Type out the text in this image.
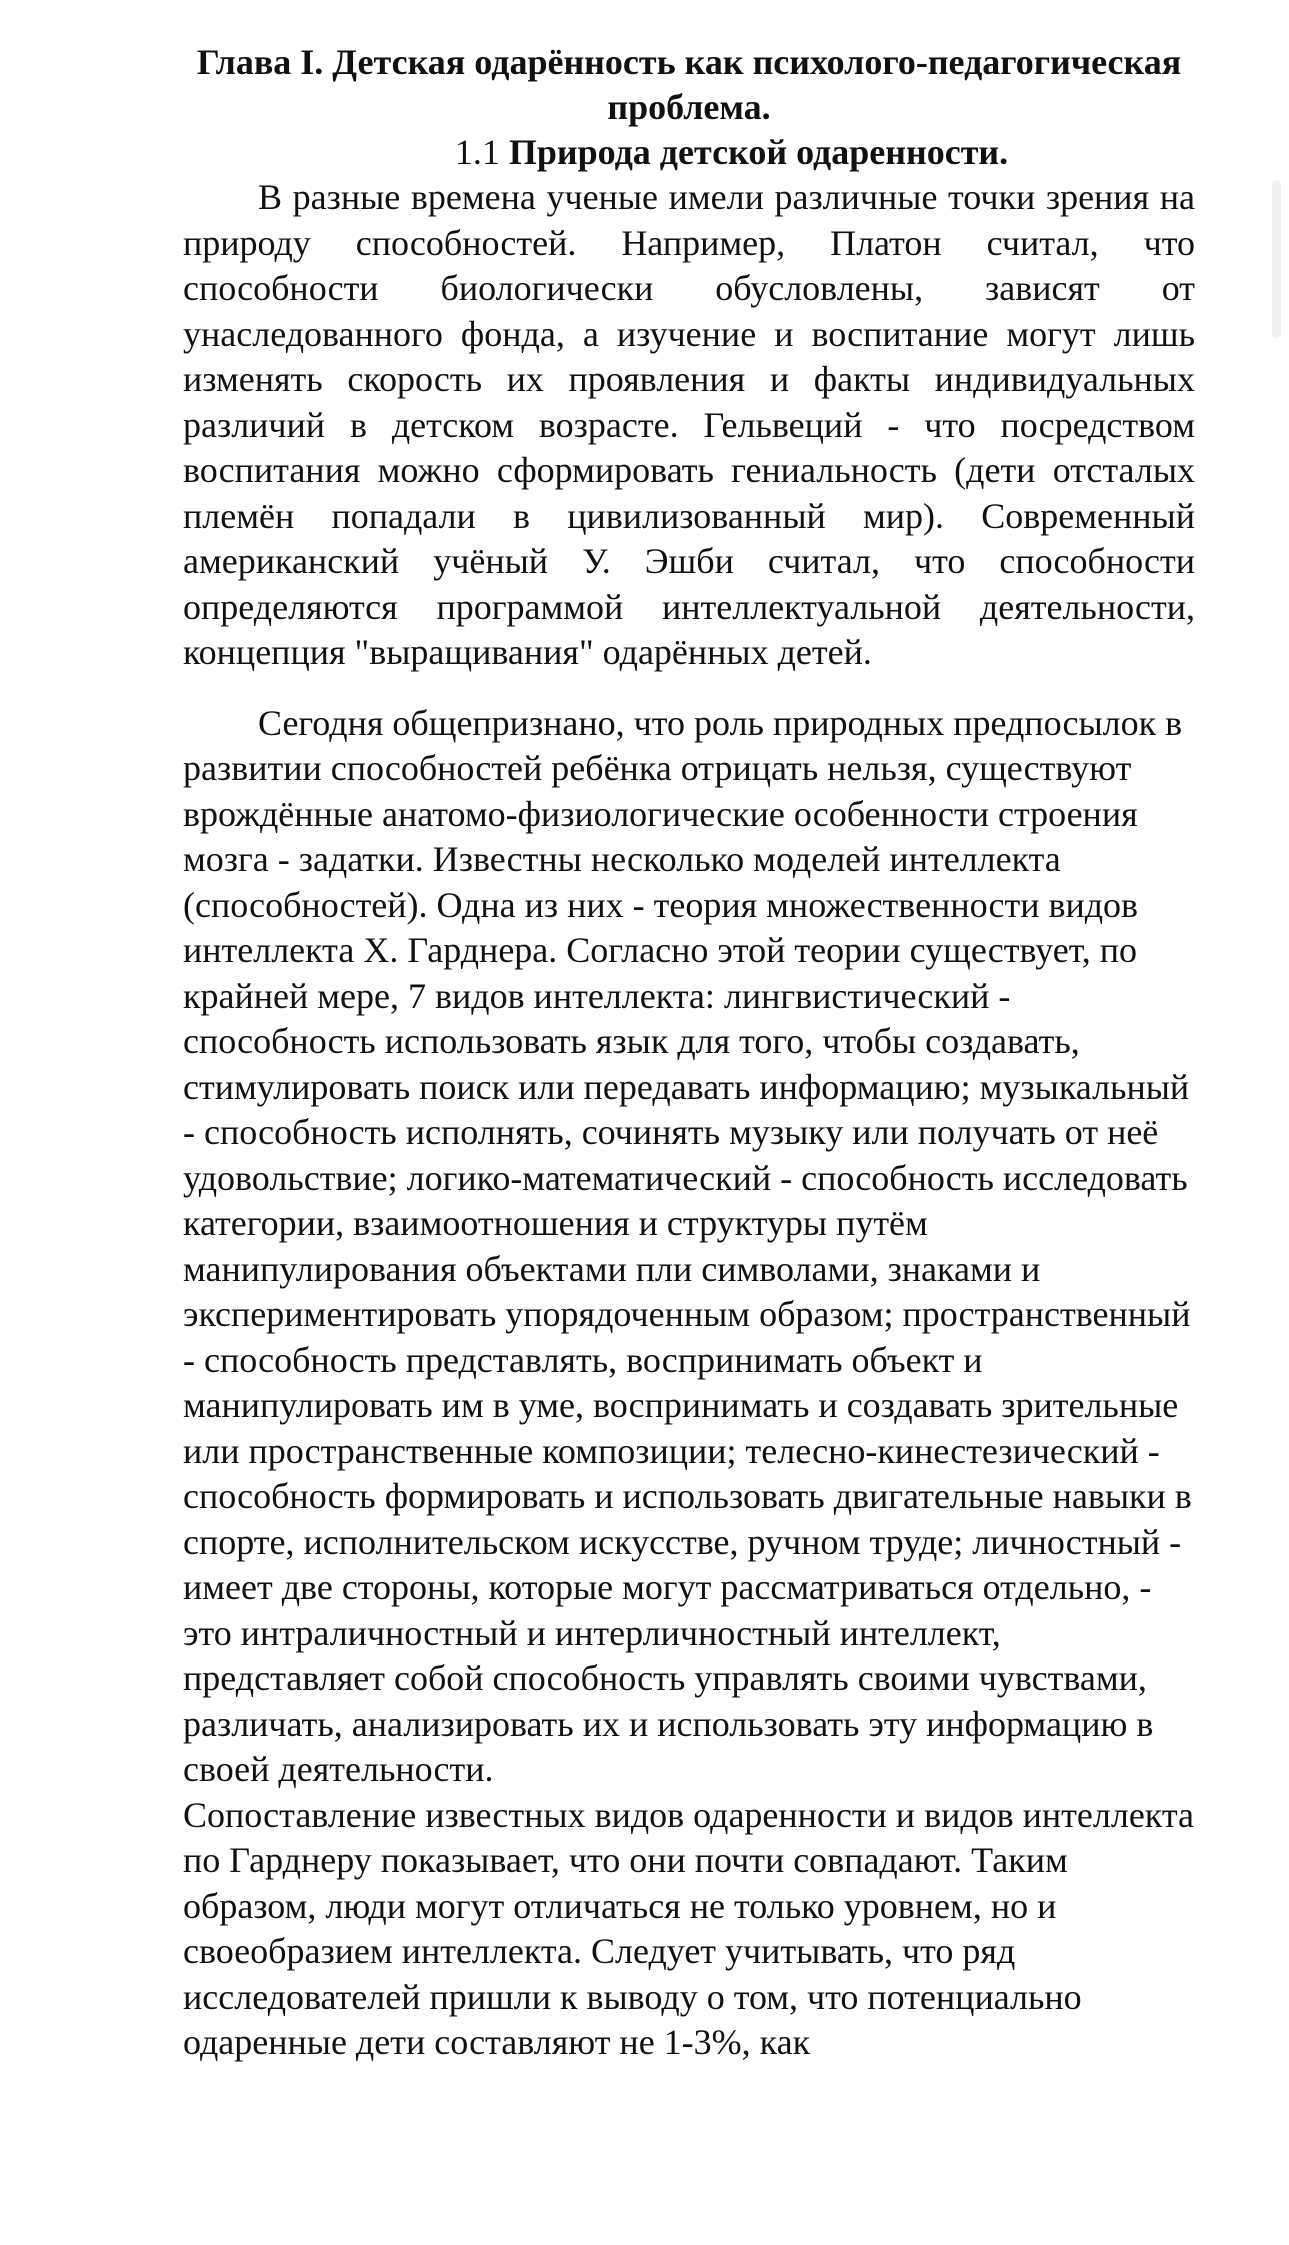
Глава I. Детская одарённость как психолого-педагогическая проблема.
1.1 Природа детской одаренности.

В разные времена ученые имели различные точки зрения на природу способностей. Например, Платон считал, что способности биологически обусловлены, зависят от унаследованного фонда, а изучение и воспитание могут лишь изменять скорость их проявления и факты индивидуальных различий в детском возрасте. Гельвеций - что посредством воспитания можно сформировать гениальность (дети отсталых племён попадали в цивилизованный мир). Современный американский учёный У. Эшби считал, что способности определяются программой интеллектуальной деятельности, концепция "выращивания" одарённых детей.

Сегодня общепризнано, что роль природных предпосылок в развитии способностей ребёнка отрицать нельзя, существуют врождённые анатомо-физиологические особенности строения мозга - задатки. Известны несколько моделей интеллекта (способностей). Одна из них - теория множественности видов интеллекта Х. Гарднера. Согласно этой теории существует, по крайней мере, 7 видов интеллекта: лингвистический - способность использовать язык для того, чтобы создавать, стимулировать поиск или передавать информацию; музыкальный - способность исполнять, сочинять музыку или получать от неё удовольствие; логико-математический - способность исследовать категории, взаимоотношения и структуры путём манипулирования объектами пли символами, знаками и экспериментировать упорядоченным образом; пространственный - способность представлять, воспринимать объект и манипулировать им в уме, воспринимать и создавать зрительные или пространственные композиции; телесно-кинестезический - способность формировать и использовать двигательные навыки в спорте, исполнительском искусстве, ручном труде; личностный - имеет две стороны, которые могут рассматриваться отдельно, - это интраличностный и интерличностный интеллект, представляет собой способность управлять своими чувствами, различать, анализировать их и использовать эту информацию в своей деятельности.

Сопоставление известных видов одаренности и видов интеллекта по Гарднеру показывает, что они почти совпадают. Таким образом, люди могут отличаться не только уровнем, но и своеобразием интеллекта. Следует учитывать, что ряд исследователей пришли к выводу о том, что потенциально одаренные дети составляют не 1-3%, как
